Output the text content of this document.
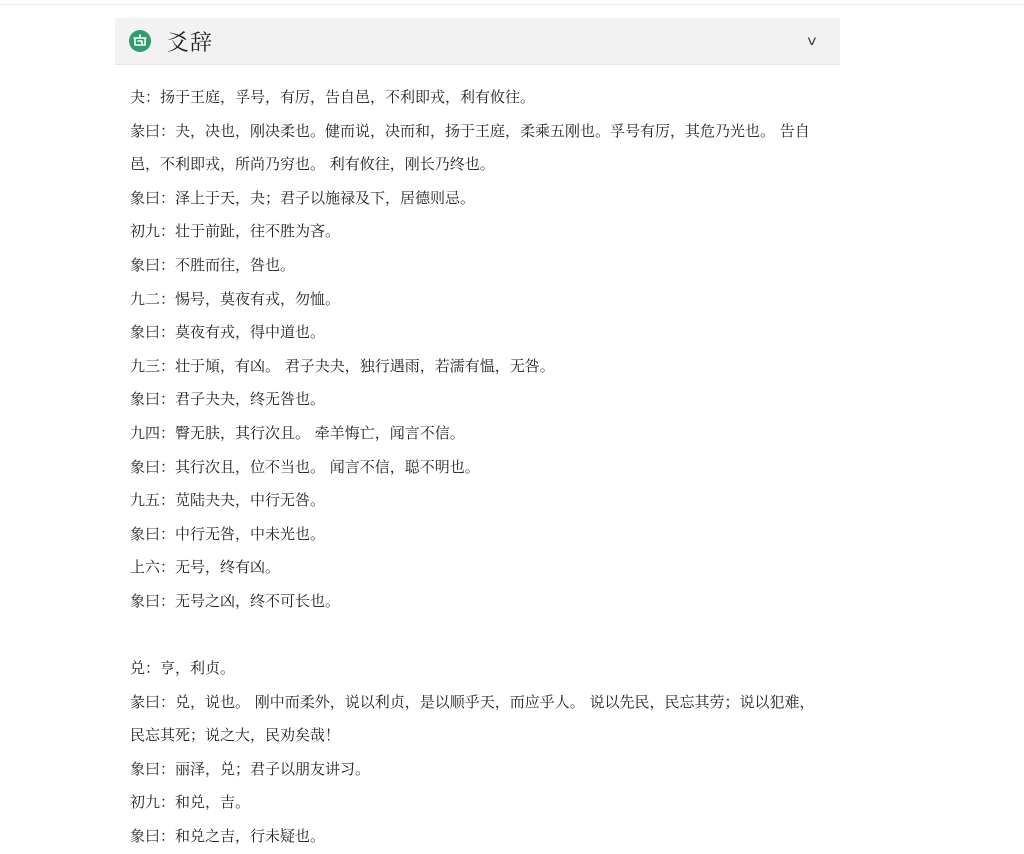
爻辞	v
夬：扬于王庭，孚号，有厉，告自邑，不利即戎，利有攸往。
彖曰：夬，决也，刚决柔也。健而说，决而和，扬于王庭，柔乘五刚也。孚号有厉，其危乃光也。 告自邑，不利即戎，所尚乃穷也。 利有攸往，刚长乃终也。
象曰：泽上于天，夬；君子以施禄及下，居德则忌。
初九：壮于前趾，往不胜为吝。
象曰：不胜而往，咎也。
九二：惕号，莫夜有戎，勿恤。
象曰：莫夜有戎，得中道也。
九三：壮于頄，有凶。 君子夬夬，独行遇雨，若濡有愠，无咎。
象曰：君子夬夬，终无咎也。
九四：臀无肤，其行次且。 牵羊悔亡，闻言不信。
象曰：其行次且，位不当也。 闻言不信，聪不明也。
九五：苋陆夬夬，中行无咎。
象曰：中行无咎，中未光也。
上六：无号，终有凶。
象曰：无号之凶，终不可长也。
兑：亨，利贞。
彖曰：兑，说也。 刚中而柔外，说以利贞，是以顺乎天，而应乎人。 说以先民，民忘其劳；说以犯难，民忘其死；说之大，民劝矣哉！
象曰：丽泽，兑；君子以朋友讲习。
初九：和兑，吉。
象曰：和兑之吉，行未疑也。
